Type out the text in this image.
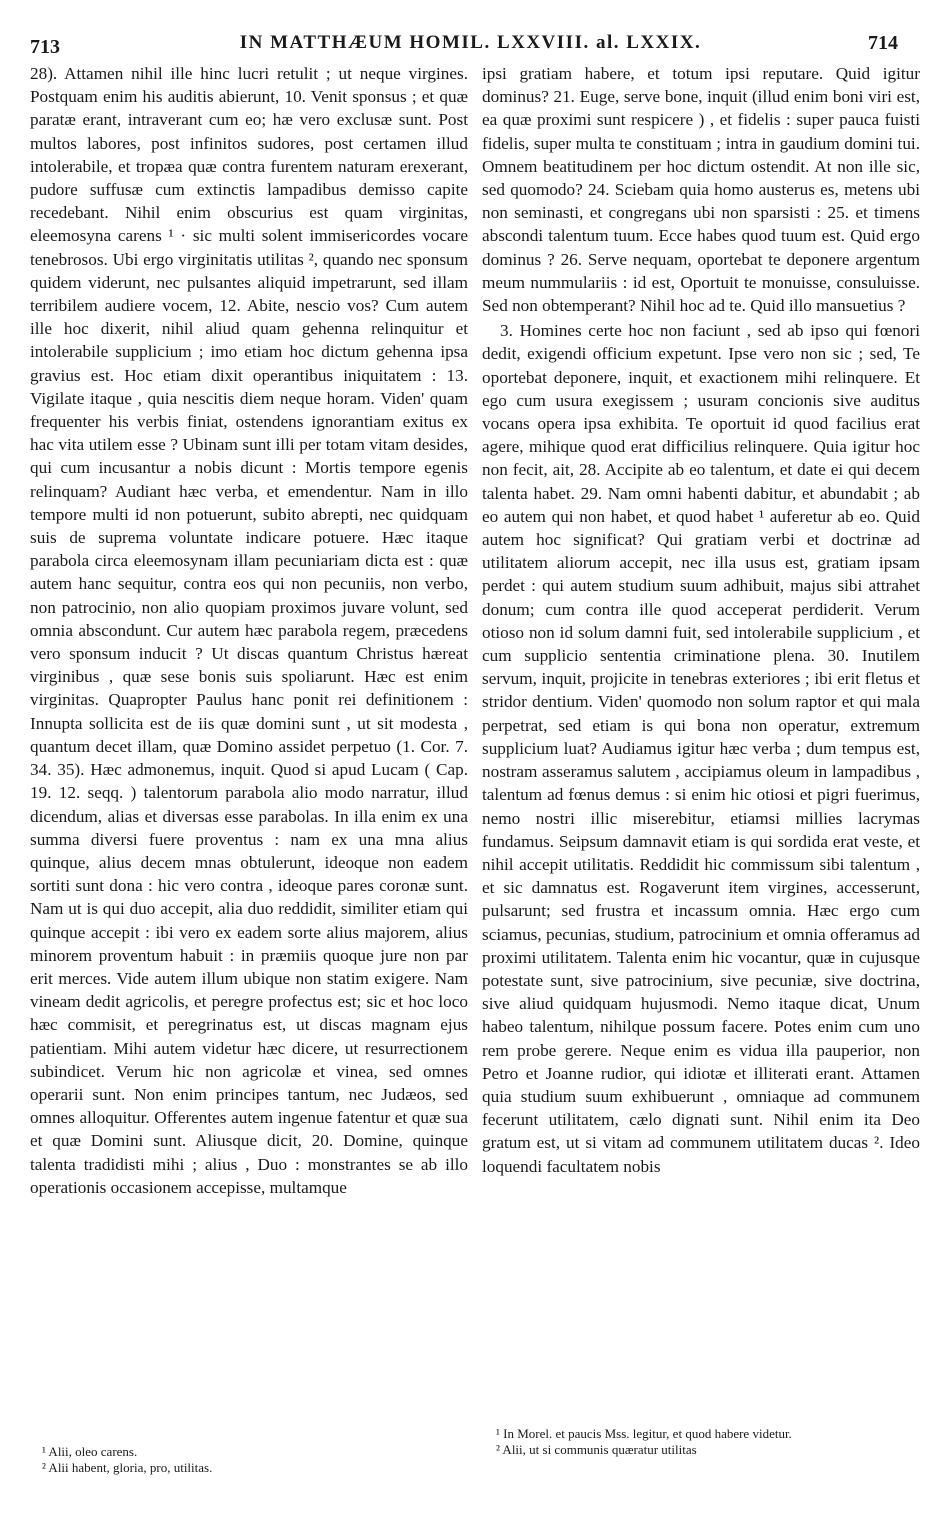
IN MATTHÆUM HOMIL. LXXVIII. al. LXXIX.
713	714

28). Attamen nihil ille hinc lucri retulit ; ut neque virgines. Postquam enim his auditis abierunt, 10. Venit sponsus ; et quæ paratæ erant, intraverant cum eo; hæ vero exclusæ sunt. Post multos labores, post infinitos sudores, post certamen illud intolerabile, et tropæa quæ contra furentem naturam erexerant, pudore suffusæ cum extinctis lampadibus demisso capite recedebant. Nihil enim obscurius est quam virginitas, eleemosyna carens ¹ · sic multi solent immisericordes vocare tenebrosos. Ubi ergo virginitatis utilitas ², quando nec sponsum quidem viderunt, nec pulsantes aliquid impetrarunt, sed illam terribilem audiere vocem, 12. Abite, nescio vos? Cum autem ille hoc dixerit, nihil aliud quam gehenna relinquitur et intolerabile supplicium ; imo etiam hoc dictum gehenna ipsa gravius est. Hoc etiam dixit operantibus iniquitatem : 13. Vigilate itaque , quia nescitis diem neque horam. Viden' quam frequenter his verbis finiat, ostendens ignorantiam exitus ex hac vita utilem esse ? Ubinam sunt illi per totam vitam desides, qui cum incusantur a nobis dicunt : Mortis tempore egenis relinquam? Audiant hæc verba, et emendentur. Nam in illo tempore multi id non potuerunt, subito abrepti, nec quidquam suis de suprema voluntate indicare potuere. Hæc itaque parabola circa eleemosynam illam pecuniariam dicta est : quæ autem hanc sequitur, contra eos qui non pecuniis, non verbo, non patrocinio, non alio quopiam proximos juvare volunt, sed omnia abscondunt. Cur autem hæc parabola regem, præcedens vero sponsum inducit ? Ut discas quantum Christus hæreat virginibus , quæ sese bonis suis spoliarunt. Hæc est enim virginitas. Quapropter Paulus hanc ponit rei definitionem : Innupta sollicita est de iis quæ domini sunt , ut sit modesta , quantum decet illam, quæ Domino assidet perpetuo (1. Cor. 7. 34. 35). Hæc admonemus, inquit. Quod si apud Lucam ( Cap. 19. 12. seqq. ) talentorum parabola alio modo narratur, illud dicendum, alias et diversas esse parabolas. In illa enim ex una summa diversi fuere proventus : nam ex una mna alius quinque, alius decem mnas obtulerunt, ideoque non eadem sortiti sunt dona : hic vero contra , ideoque pares coronæ sunt. Nam ut is qui duo accepit, alia duo reddidit, similiter etiam qui quinque accepit : ibi vero ex eadem sorte alius majorem, alius minorem proventum habuit : in præmiis quoque jure non par erit merces. Vide autem illum ubique non statim exigere. Nam vineam dedit agricolis, et peregre profectus est; sic et hoc loco hæc commisit, et peregrinatus est, ut discas magnam ejus patientiam. Mihi autem videtur hæc dicere, ut resurrectionem subindicet. Verum hic non agricolæ et vinea, sed omnes operarii sunt. Non enim principes tantum, nec Judæos, sed omnes alloquitur. Offerentes autem ingenue fatentur et quæ sua et quæ Domini sunt. Aliusque dicit, 20. Domine, quinque talenta tradidisti mihi ; alius , Duo : monstrantes se ab illo operationis occasionem accepisse, multamque

ipsi gratiam habere, et totum ipsi reputare. Quid igitur dominus? 21. Euge, serve bone, inquit (illud enim boni viri est, ea quæ proximi sunt respicere ) , et fidelis : super pauca fuisti fidelis, super multa te constituam ; intra in gaudium domini tui. Omnem beatitudinem per hoc dictum ostendit. At non ille sic, sed quomodo? 24. Sciebam quia homo austerus es, metens ubi non seminasti, et congregans ubi non sparsisti : 25. et timens abscondi talentum tuum. Ecce habes quod tuum est. Quid ergo dominus ? 26. Serve nequam, oportebat te deponere argentum meum nummulariis : id est, Oportuit te monuisse, consuluisse. Sed non obtemperant? Nihil hoc ad te. Quid illo mansuetius ?

3. Homines certe hoc non faciunt , sed ab ipso qui fœnori dedit, exigendi officium expetunt. Ipse vero non sic ; sed, Te oportebat deponere, inquit, et exactionem mihi relinquere. Et ego cum usura exegissem ; usuram concionis sive auditus vocans opera ipsa exhibita. Te oportuit id quod facilius erat agere, mihique quod erat difficilius relinquere. Quia igitur hoc non fecit, ait, 28. Accipite ab eo talentum, et date ei qui decem talenta habet. 29. Nam omni habenti dabitur, et abundabit ; ab eo autem qui non habet, et quod habet ¹ auferetur ab eo. Quid autem hoc significat? Qui gratiam verbi et doctrinæ ad utilitatem aliorum accepit, nec illa usus est, gratiam ipsam perdet : qui autem studium suum adhibuit, majus sibi attrahet donum; cum contra ille quod acceperat perdiderit. Verum otioso non id solum damni fuit, sed intolerabile supplicium , et cum supplicio sententia criminatione plena. 30. Inutilem servum, inquit, projicite in tenebras exteriores ; ibi erit fletus et stridor dentium. Viden' quomodo non solum raptor et qui mala perpetrat, sed etiam is qui bona non operatur, extremum supplicium luat? Audiamus igitur hæc verba ; dum tempus est, nostram asseramus salutem , accipiamus oleum in lampadibus , talentum ad fœnus demus : si enim hic otiosi et pigri fuerimus, nemo nostri illic miserebitur, etiamsi millies lacrymas fundamus. Seipsum damnavit etiam is qui sordida erat veste, et nihil accepit utilitatis. Reddidit hic commissum sibi talentum , et sic damnatus est. Rogaverunt item virgines, accesserunt, pulsarunt; sed frustra et incassum omnia. Hæc ergo cum sciamus, pecunias, studium, patrocinium et omnia offeramus ad proximi utilitatem. Talenta enim hic vocantur, quæ in cujusque potestate sunt, sive patrocinium, sive pecuniæ, sive doctrina, sive aliud quidquam hujusmodi. Nemo itaque dicat, Unum habeo talentum, nihilque possum facere. Potes enim cum uno rem probe gerere. Neque enim es vidua illa pauperior, non Petro et Joanne rudior, qui idiotæ et illiterati erant. Attamen quia studium suum exhibuerunt , omniaque ad communem fecerunt utilitatem, cælo dignati sunt. Nihil enim ita Deo gratum est, ut si vitam ad communem utilitatem ducas ². Ideo loquendi facultatem nobis

¹ Alii, oleo carens.
² Alii habent, gloria, pro, utilitas.
¹ In Morel. et paucis Mss. legitur, et quod habere videtur.
² Alii, ut si communis quæratur utilitas
